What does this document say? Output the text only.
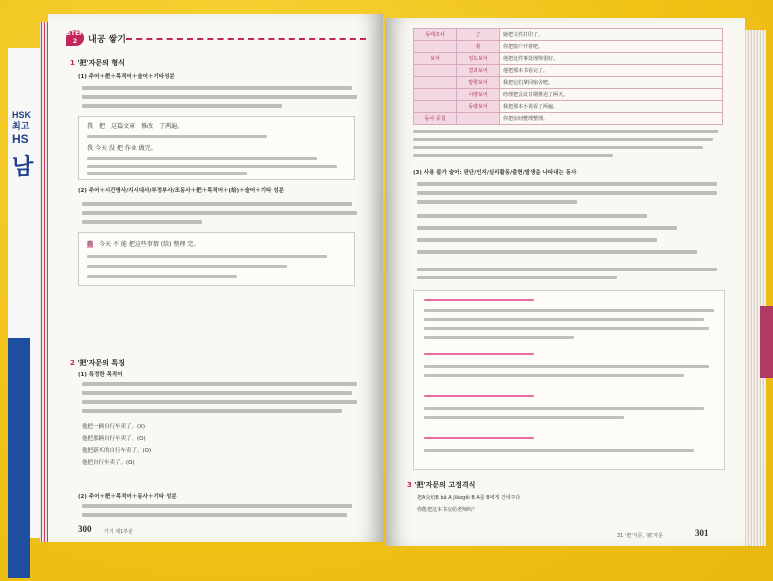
HSK
최고
HS
남
STEP 2	내공 쌓기
1 '把'자문의 형식
(1) 주어＋把＋목적어＋술어＋기타성분
我　 把　 这篇文章　 修改　 了两遍。
我 今天 没 把 作业 做完。
(2) 주어＋시간명사/지시대사/부정부사/조동사＋把＋목적어＋(给)＋술어＋기타 성분
我　 今天 不 能 把这些事情 (给) 整理 完。
2 '把'자문의 특징
(1) 특정한 목적어
他把一辆自行车卖了。(X)
他把那辆自行车卖了。(O)
他把新买的自行车卖了。(O)
他把自行车卖了。(O)
(2) 주어＋把＋목적어＋동사＋기타 성분
300	가기 제1부분
동태조사	了	她把文件打印了。
	着	你把窗户开着吧。
보어	정도보어	他把这件事处理得很好。
	결과보어	他把那本书看完了。
	방향보어	我把它们拿回宿舍吧。
	시량보어	经理把会议日期推迟了两天。
	동량보어	我把那本小说看了两遍。
동사 중첩		你把房间整理整理。
(3) 사용 불가 술어: 판단/인지/심리활동/출현/발생을 나타내는 동사
3 '把'자문의 고정격식
把A交给B bǎ A jiāogěi B A를 B에게 건네주다
你能把这本书交给老师吗？
31 '把'자문, '被'자문	301
